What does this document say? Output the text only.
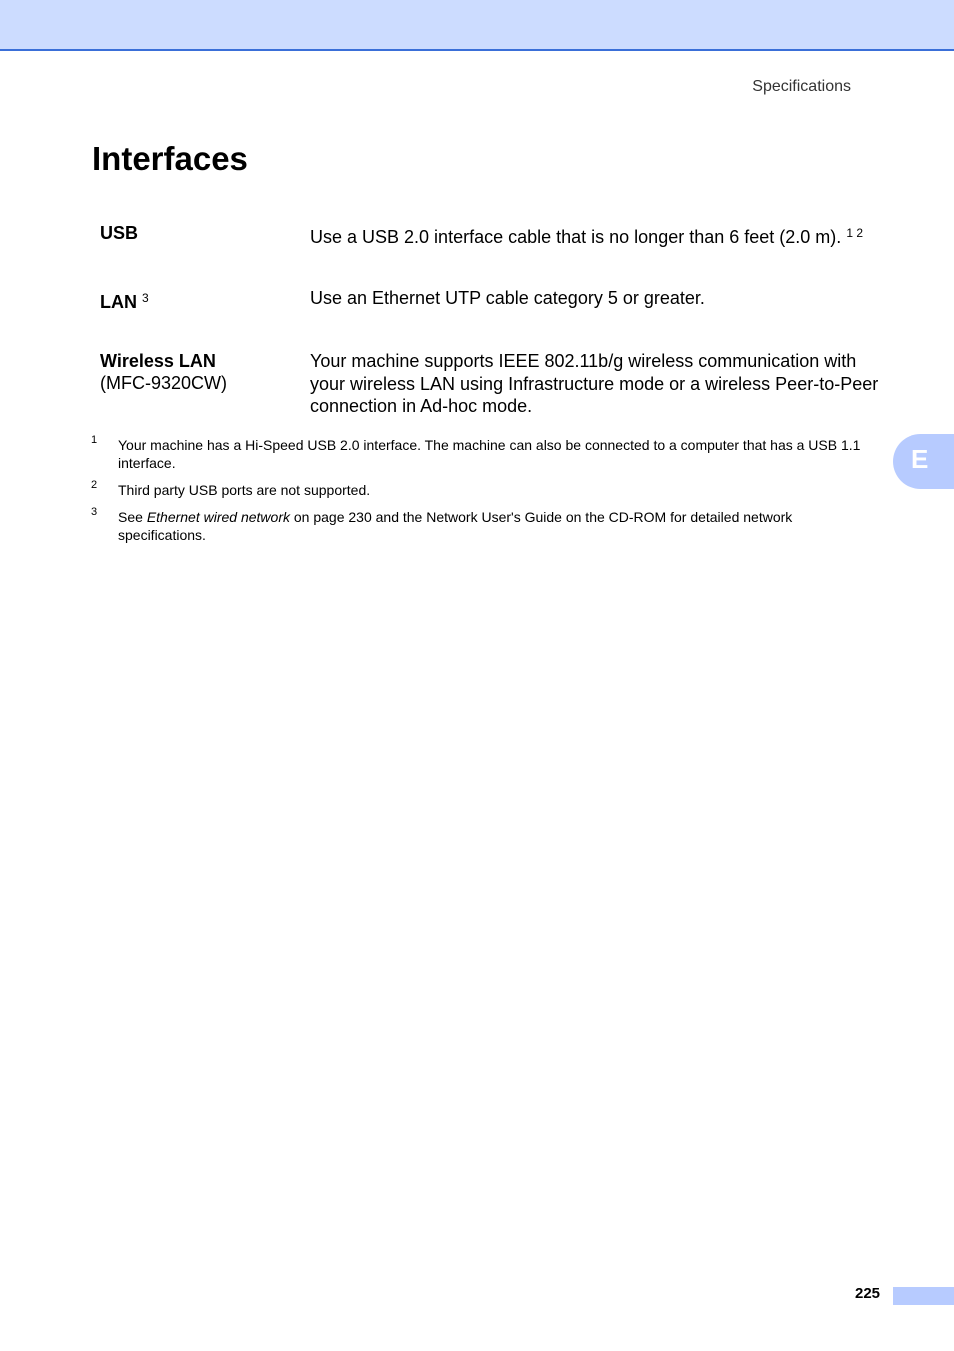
Specifications
Interfaces
USB	Use a USB 2.0 interface cable that is no longer than 6 feet (2.0 m). $^{1 2}$
LAN $^3$	Use an Ethernet UTP cable category 5 or greater.
Wireless LAN
(MFC-9320CW)
Your machine supports IEEE 802.11b/g wireless communication with your wireless LAN using Infrastructure mode or a wireless Peer-to-Peer connection in Ad-hoc mode.
1 Your machine has a Hi-Speed USB 2.0 interface. The machine can also be connected to a computer that has a USB 1.1 interface.
2 Third party USB ports are not supported.
3 See Ethernet wired network on page 230 and the Network User's Guide on the CD-ROM for detailed network specifications.
E
225
